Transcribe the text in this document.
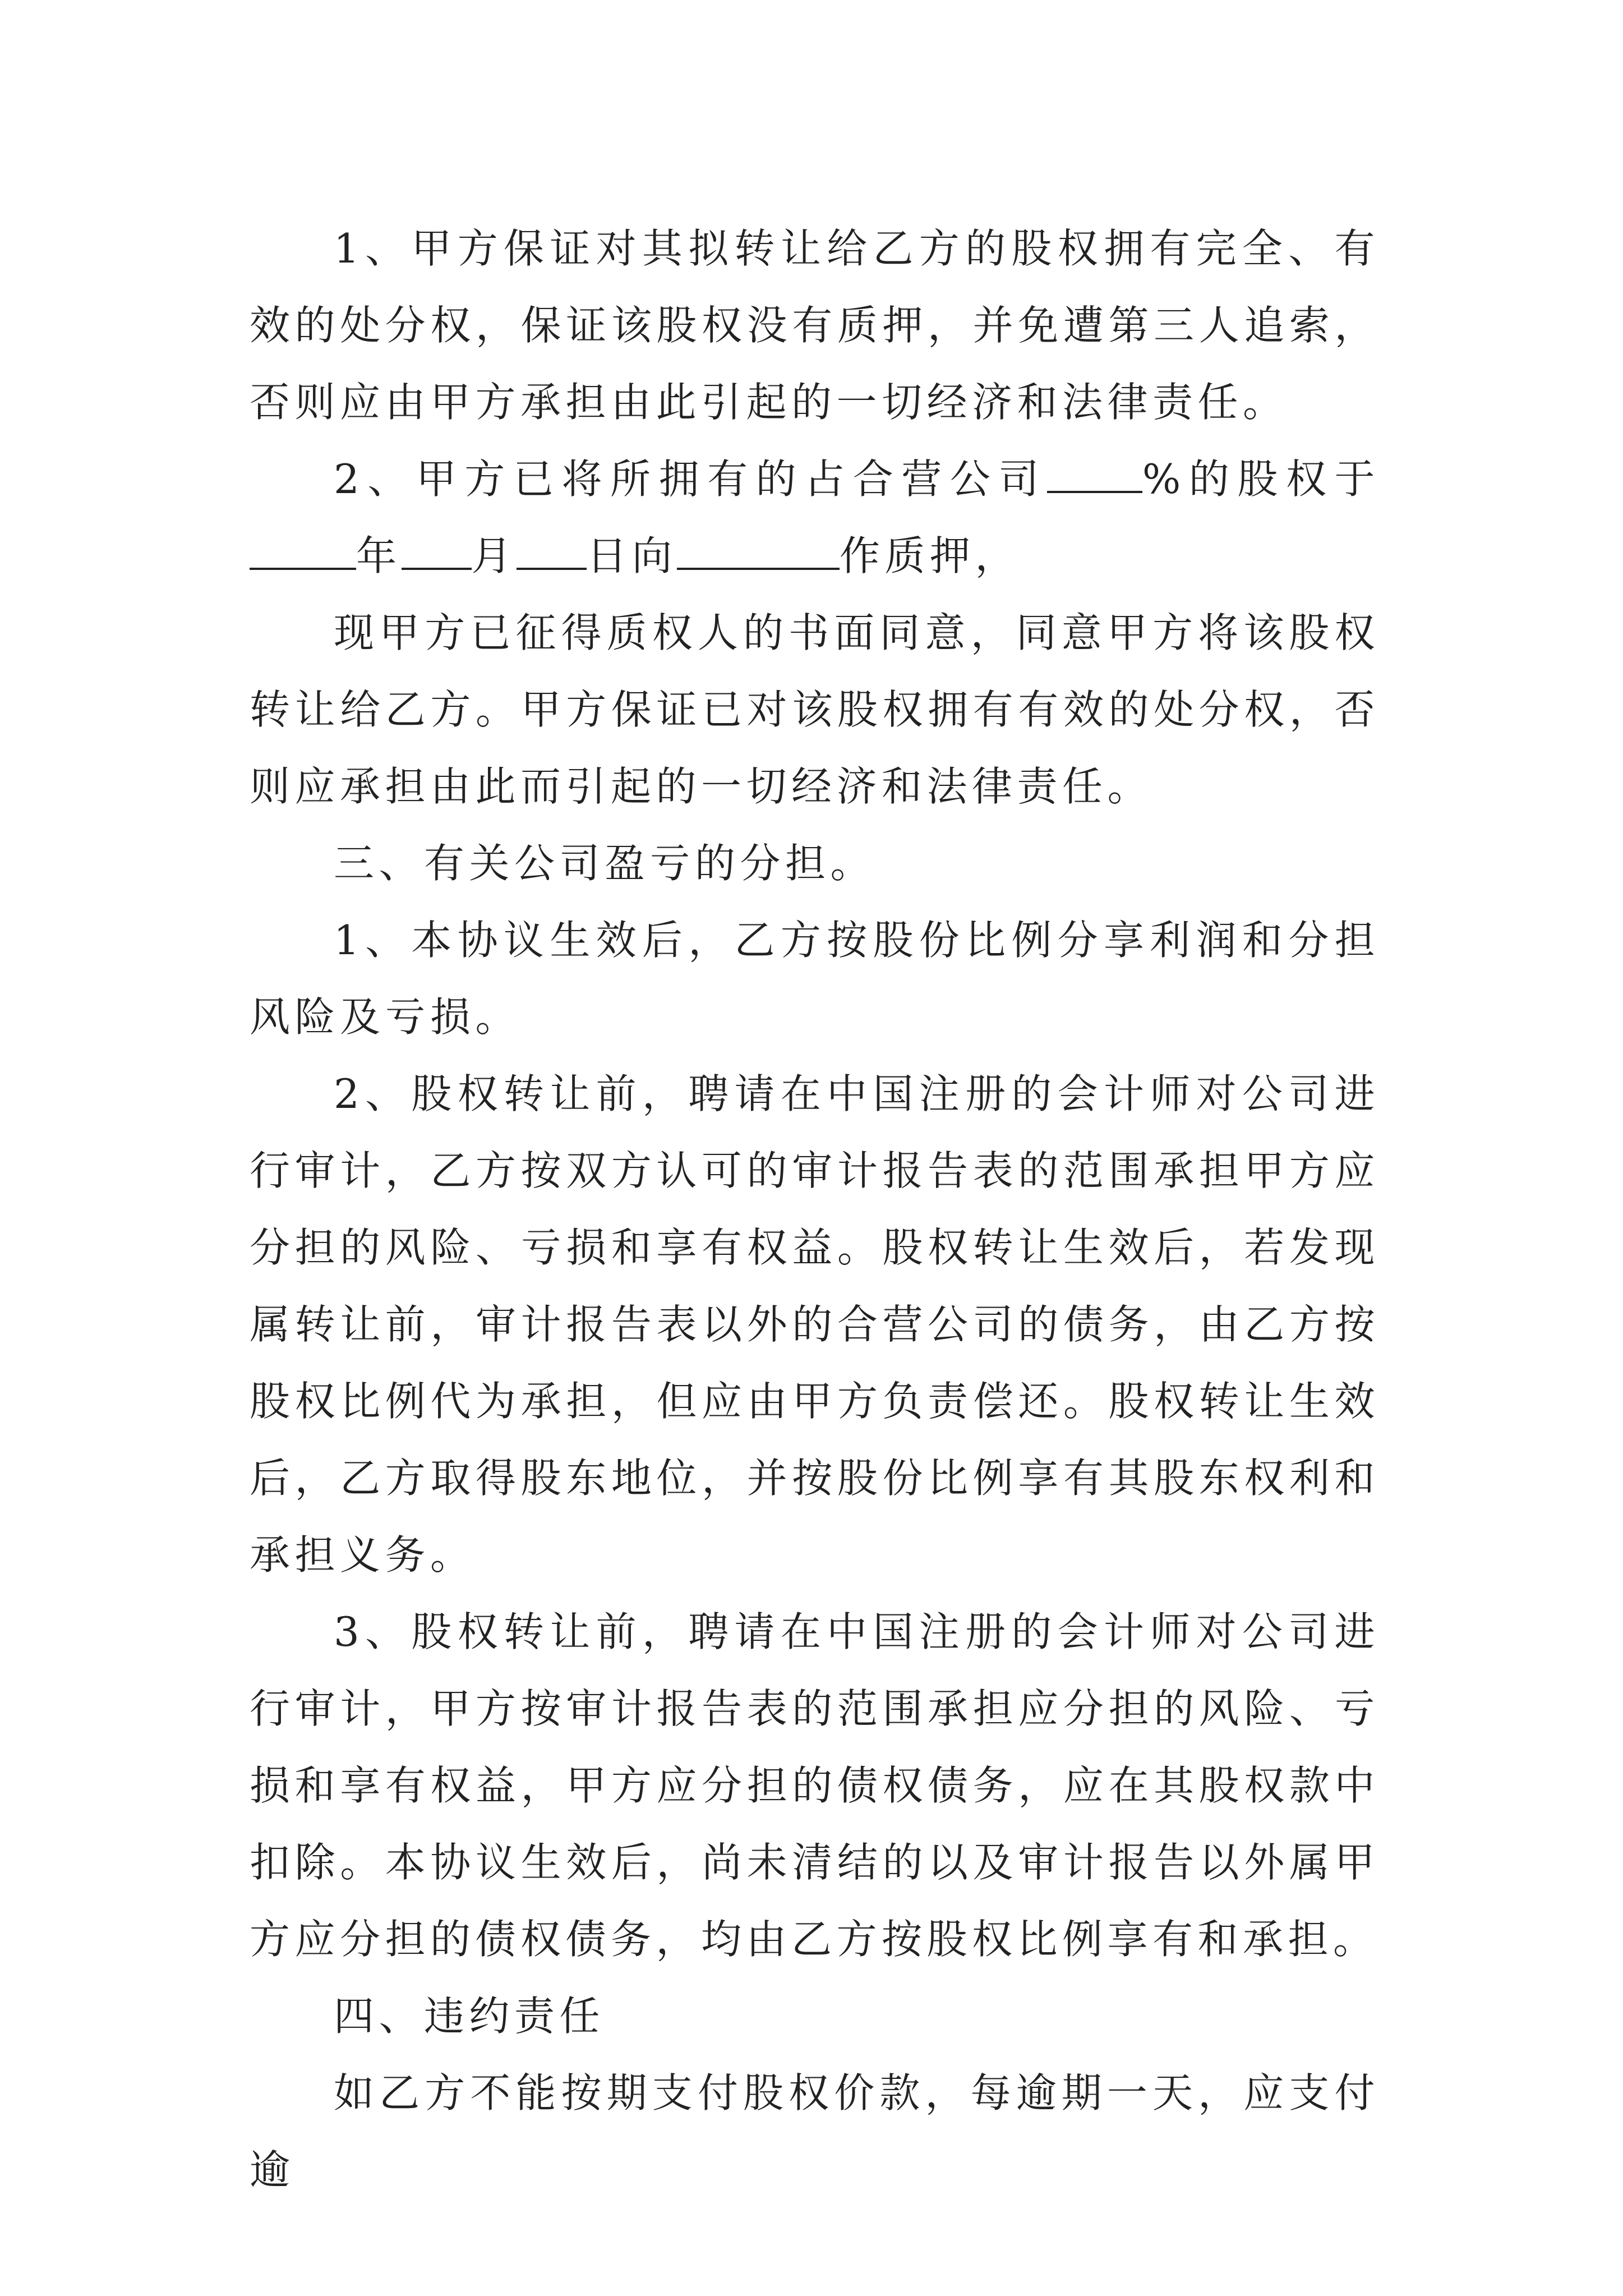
1、甲方保证对其拟转让给乙方的股权拥有完全、有效的处分权，保证该股权没有质押，并免遭第三人追索，否则应由甲方承担由此引起的一切经济和法律责任。

2、甲方已将所拥有的占合营公司 %的股权于年 月 日向	作质押，

现甲方已征得质权人的书面同意，同意甲方将该股权转让给乙方。甲方保证已对该股权拥有有效的处分权，否则应承担由此而引起的一切经济和法律责任。

三、有关公司盈亏的分担。

1、本协议生效后，乙方按股份比例分享利润和分担风险及亏损。

2、股权转让前，聘请在中国注册的会计师对公司进行审计，乙方按双方认可的审计报告表的范围承担甲方应分担的风险、亏损和享有权益。股权转让生效后，若发现属转让前，审计报告表以外的合营公司的债务，由乙方按股权比例代为承担，但应由甲方负责偿还。股权转让生效后，乙方取得股东地位，并按股份比例享有其股东权利和承担义务。

3、股权转让前，聘请在中国注册的会计师对公司进行审计，甲方按审计报告表的范围承担应分担的风险、亏损和享有权益，甲方应分担的债权债务，应在其股权款中扣除。本协议生效后，尚未清结的以及审计报告以外属甲方应分担的债权债务，均由乙方按股权比例享有和承担。

四、违约责任

如乙方不能按期支付股权价款，每逾期一天，应支付逾
